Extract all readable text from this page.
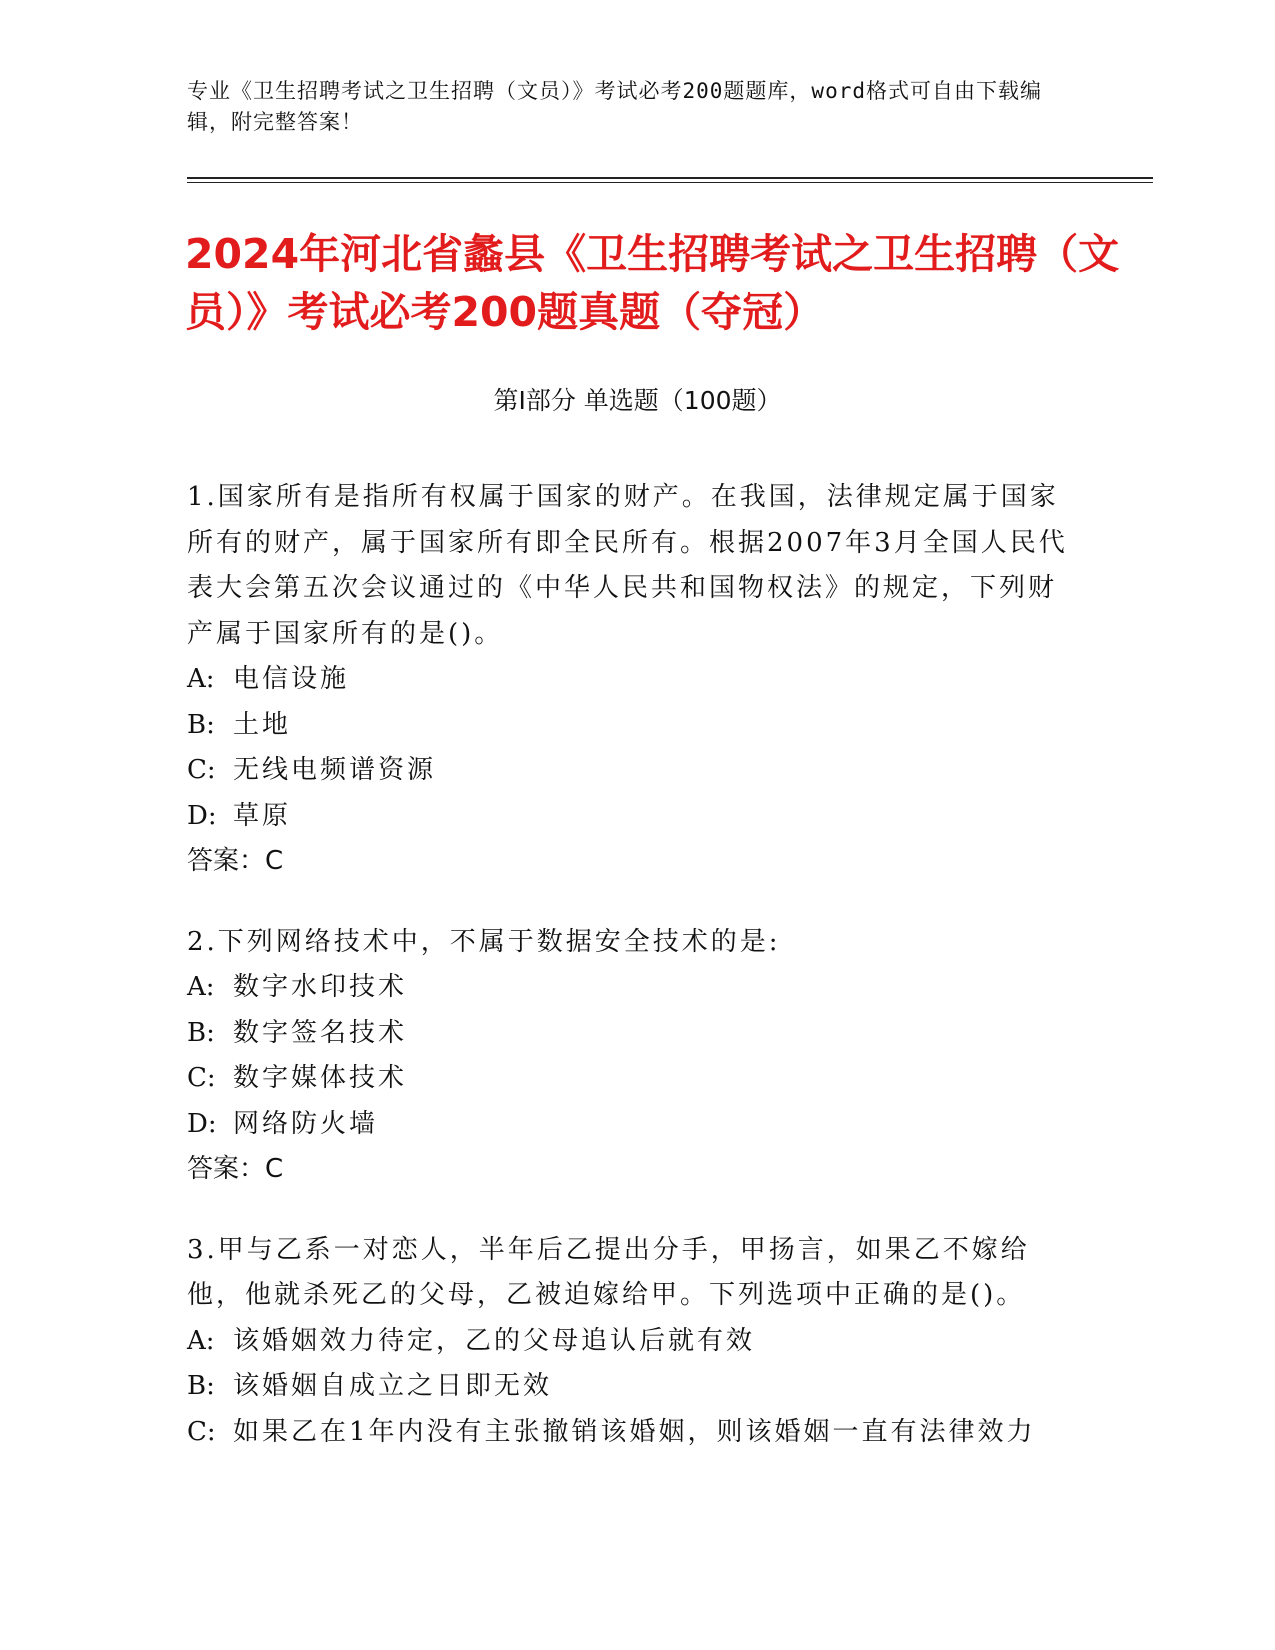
专业《卫生招聘考试之卫生招聘（文员）》考试必考200题题库，word格式可自由下载编辑，附完整答案！
2024年河北省蠡县《卫生招聘考试之卫生招聘（文员）》考试必考200题真题（夺冠）
第Ⅰ部分 单选题（100题）
1.国家所有是指所有权属于国家的财产。在我国，法律规定属于国家所有的财产，属于国家所有即全民所有。根据2007年3月全国人民代表大会第五次会议通过的《中华人民共和国物权法》的规定，下列财产属于国家所有的是()。
A: 电信设施
B: 土地
C: 无线电频谱资源
D: 草原
答案：C
2.下列网络技术中，不属于数据安全技术的是:
A: 数字水印技术
B: 数字签名技术
C: 数字媒体技术
D: 网络防火墙
答案：C
3.甲与乙系一对恋人，半年后乙提出分手，甲扬言，如果乙不嫁给他，他就杀死乙的父母，乙被迫嫁给甲。下列选项中正确的是()。
A: 该婚姻效力待定，乙的父母追认后就有效
B: 该婚姻自成立之日即无效
C: 如果乙在1年内没有主张撤销该婚姻，则该婚姻一直有法律效力
